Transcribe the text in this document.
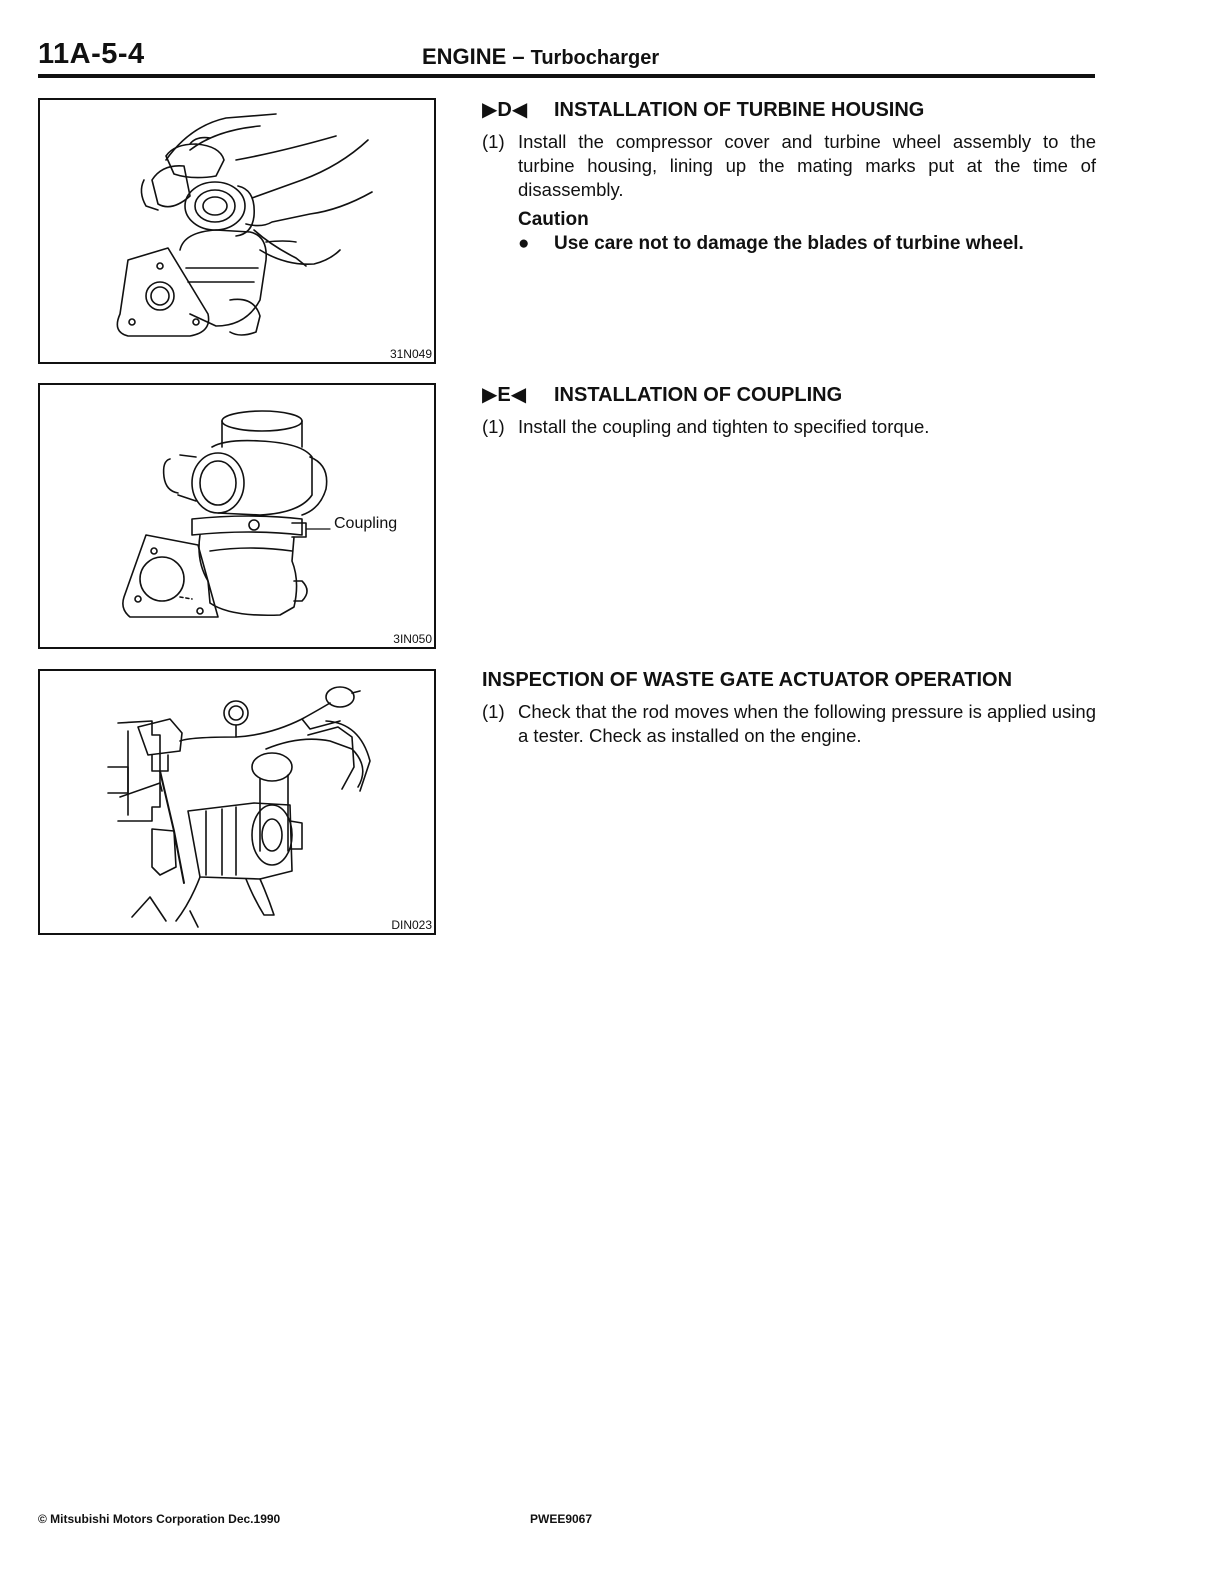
11A-5-4	ENGINE – Turbocharger
31N049
Coupling
3IN050
DIN023
▶D◀ INSTALLATION OF TURBINE HOUSING
(1) Install the compressor cover and turbine wheel assembly to the turbine housing, lining up the mating marks put at the time of disassembly.
Caution
●	Use care not to damage the blades of turbine wheel.
▶E◀ INSTALLATION OF COUPLING
(1) Install the coupling and tighten to specified torque.
INSPECTION OF WASTE GATE ACTUATOR OPERATION
(1) Check that the rod moves when the following pressure is applied using a tester. Check as installed on the engine.
© Mitsubishi Motors Corporation Dec.1990	PWEE9067
